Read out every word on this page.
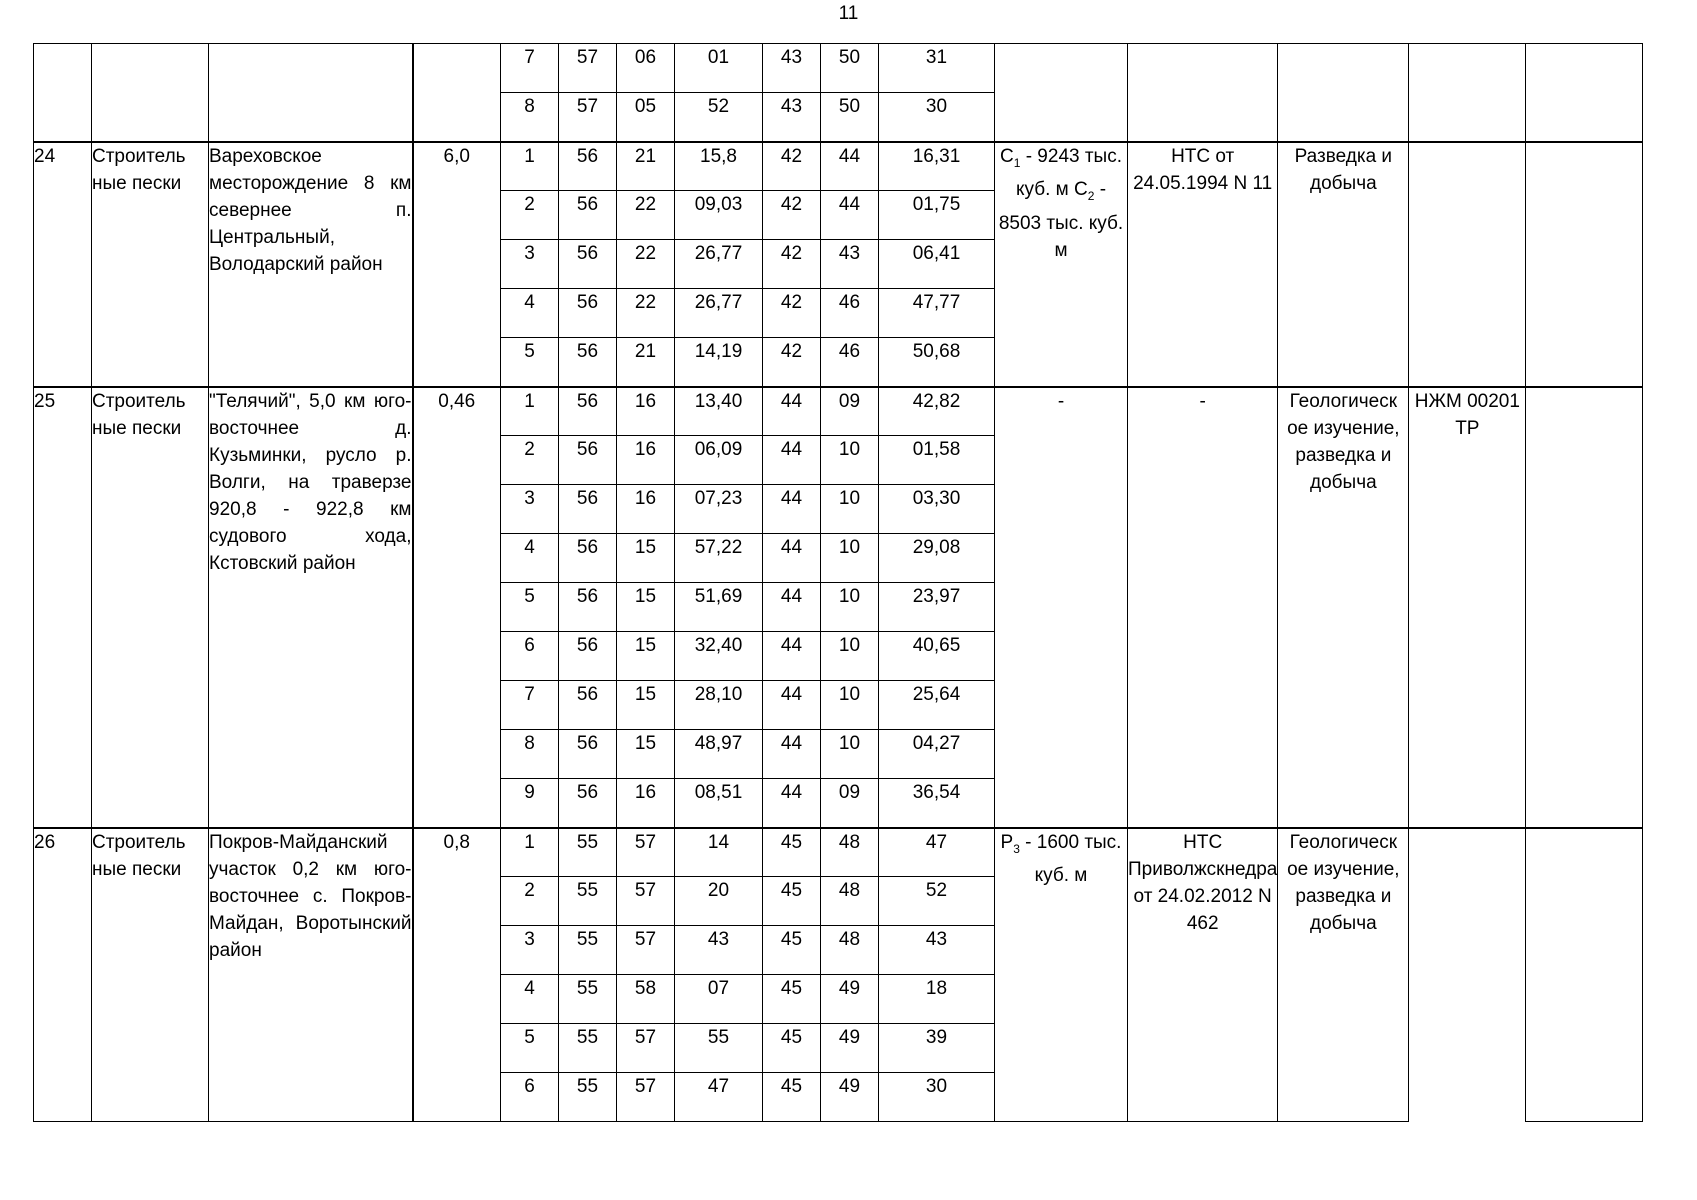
11
				7	57	06	01	43	50	31					
				8	57	05	52	43	50	30					
24	Строитель ные пески	Вареховское месторождение 8 км севернее п. Центральный, Володарский район	6,0	1	56	21	15,8	42	44	16,31	$С_1 - 9243$ тыс. куб. м $С_2 - 8503$ тыс. куб. м	НТС от 24.05.1994 N 11	Разведка и добыча		
				2	56	22	09,03	42	44	01,75					
				3	56	22	26,77	42	43	06,41					
				4	56	22	26,77	42	46	47,77					
				5	56	21	14,19	42	46	50,68					
25	Строитель ные пески	"Телячий", 5,0 км юго-восточнее д. Кузьминки, русло р. Волги, на траверзе 920,8 - 922,8 км судового хода, Кстовский район	0,46	1	56	16	13,40	44	09	42,82	-	-	Геологическ ое изучение, разведка и добыча	НЖМ 00201 ТР	
				2	56	16	06,09	44	10	01,58					
				3	56	16	07,23	44	10	03,30					
				4	56	15	57,22	44	10	29,08					
				5	56	15	51,69	44	10	23,97					
				6	56	15	32,40	44	10	40,65					
				7	56	15	28,10	44	10	25,64					
				8	56	15	48,97	44	10	04,27					
				9	56	16	08,51	44	09	36,54					
26	Строитель ные пески	Покров-Майданский участок 0,2 км юго-восточнее с. Покров-Майдан, Воротынский район	0,8	1	55	57	14	45	48	47	$Р_3 - 1600$ тыс. куб. м	НТС Приволжскнедра от 24.02.2012 N 462	Геологическ ое изучение, разведка и добыча		
				2	55	57	20	45	48	52					
				3	55	57	43	45	48	43					
				4	55	58	07	45	49	18					
				5	55	57	55	45	49	39					
				6	55	57	47	45	49	30					
